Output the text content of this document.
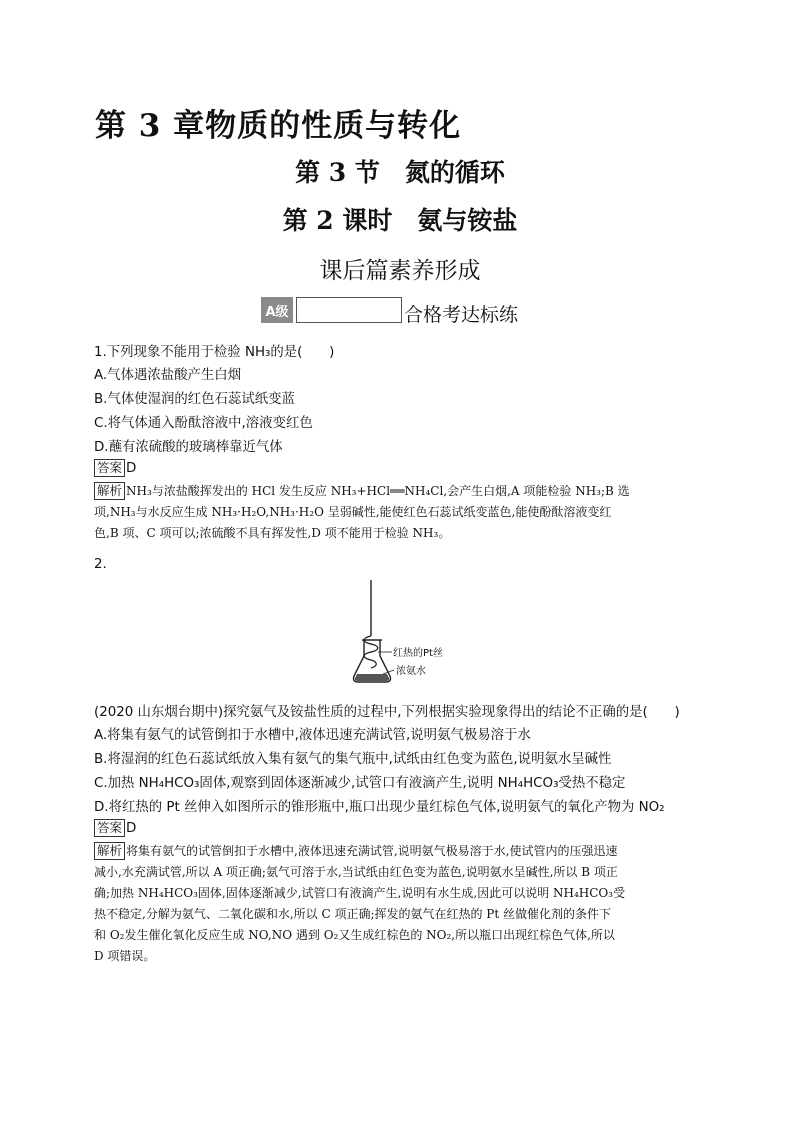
第 3 章物质的性质与转化
第 3 节　氮的循环
第 2 课时　氨与铵盐
课后篇素养形成
A级	合格考达标练
1.下列现象不能用于检验 NH₃的是(　　)
A.气体遇浓盐酸产生白烟
B.气体使湿润的红色石蕊试纸变蓝
C.将气体通入酚酞溶液中,溶液变红色
D.蘸有浓硫酸的玻璃棒靠近气体
答案 D

解析 NH₃与浓盐酸挥发出的 HCl 发生反应 NH₃+HCl══NH₄Cl,会产生白烟,A 项能检验 NH₃;B 选

项,NH₃与水反应生成 NH₃·H₂O,NH₃·H₂O 呈弱碱性,能使红色石蕊试纸变蓝色,能使酚酞溶液变红

色,B 项、C 项可以;浓硫酸不具有挥发性,D 项不能用于检验 NH₃。

2.
红热的Pt丝
浓氨水
(2020 山东烟台期中)探究氨气及铵盐性质的过程中,下列根据实验现象得出的结论不正确的是(　　)
A.将集有氨气的试管倒扣于水槽中,液体迅速充满试管,说明氨气极易溶于水
B.将湿润的红色石蕊试纸放入集有氨气的集气瓶中,试纸由红色变为蓝色,说明氨水呈碱性
C.加热 NH₄HCO₃固体,观察到固体逐渐减少,试管口有液滴产生,说明 NH₄HCO₃受热不稳定
D.将红热的 Pt 丝伸入如图所示的锥形瓶中,瓶口出现少量红棕色气体,说明氨气的氧化产物为 NO₂
答案 D

解析 将集有氨气的试管倒扣于水槽中,液体迅速充满试管,说明氨气极易溶于水,使试管内的压强迅速

减小,水充满试管,所以 A 项正确;氨气可溶于水,当试纸由红色变为蓝色,说明氨水呈碱性,所以 B 项正

确;加热 NH₄HCO₃固体,固体逐渐减少,试管口有液滴产生,说明有水生成,因此可以说明 NH₄HCO₃受

热不稳定,分解为氨气、二氧化碳和水,所以 C 项正确;挥发的氨气在红热的 Pt 丝做催化剂的条件下

和 O₂发生催化氧化反应生成 NO,NO 遇到 O₂又生成红棕色的 NO₂,所以瓶口出现红棕色气体,所以

D 项错误。
